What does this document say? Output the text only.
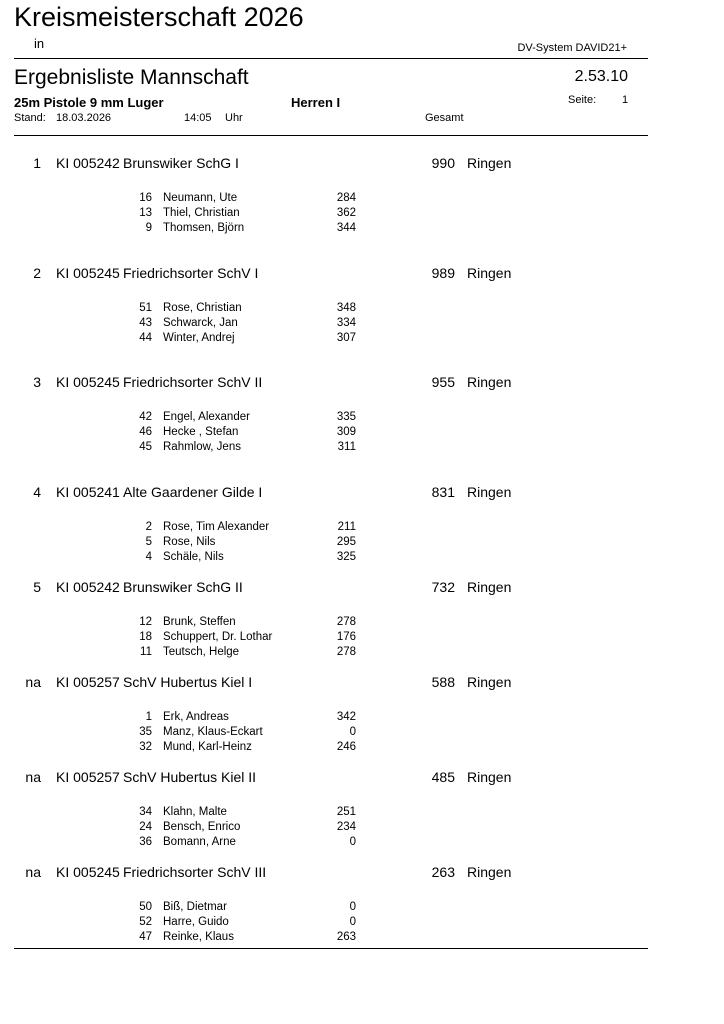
Kreismeisterschaft 2026
in	DV-System DAVID21+
Ergebnisliste Mannschaft	2.53.10
25m Pistole 9 mm Luger	Herren I	Seite: 1
Stand: 18.03.2026	14:05 Uhr	Gesamt
1 KI 005242 Brunswiker SchG I	990 Ringen
16 Neumann, Ute	284
13 Thiel, Christian	362
9 Thomsen, Björn	344
2 KI 005245 Friedrichsorter SchV I	989 Ringen
51 Rose, Christian	348
43 Schwarck, Jan	334
44 Winter, Andrej	307
3 KI 005245 Friedrichsorter SchV II	955 Ringen
42 Engel, Alexander	335
46 Hecke , Stefan	309
45 Rahmlow, Jens	311
4 KI 005241 Alte Gaardener Gilde I	831 Ringen
2 Rose, Tim Alexander	211
5 Rose, Nils	295
4 Schäle, Nils	325
5 KI 005242 Brunswiker SchG II	732 Ringen
12 Brunk, Steffen	278
18 Schuppert, Dr. Lothar	176
11 Teutsch, Helge	278
na KI 005257 SchV Hubertus Kiel I	588 Ringen
1 Erk, Andreas	342
35 Manz, Klaus-Eckart	0
32 Mund, Karl-Heinz	246
na KI 005257 SchV Hubertus Kiel II	485 Ringen
34 Klahn, Malte	251
24 Bensch, Enrico	234
36 Bomann, Arne	0
na KI 005245 Friedrichsorter SchV III	263 Ringen
50 Biß, Dietmar	0
52 Harre, Guido	0
47 Reinke, Klaus	263
